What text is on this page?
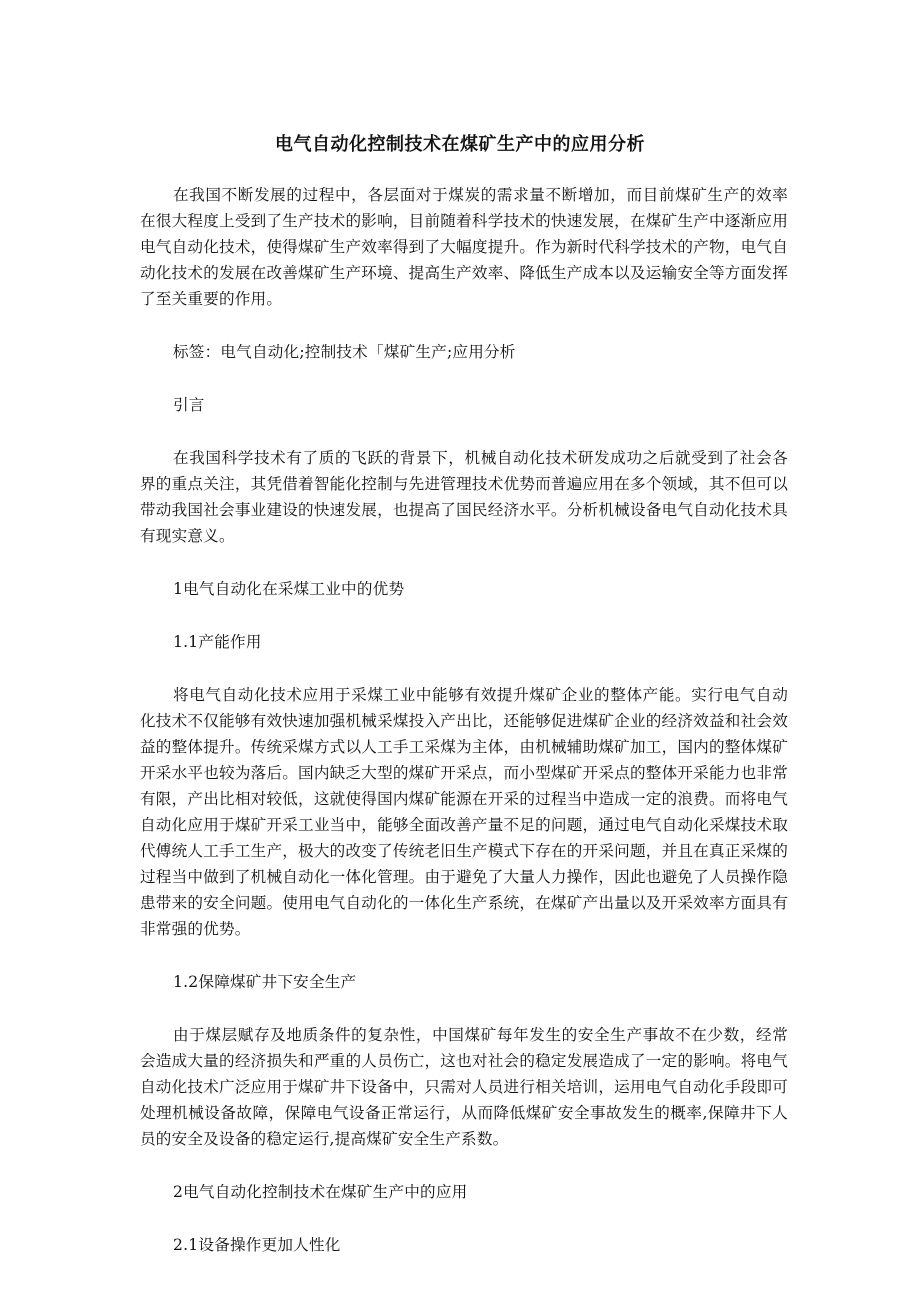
电气自动化控制技术在煤矿生产中的应用分析

在我国不断发展的过程中，各层面对于煤炭的需求量不断增加，而目前煤矿生产的效率在很大程度上受到了生产技术的影响，目前随着科学技术的快速发展，在煤矿生产中逐渐应用电气自动化技术，使得煤矿生产效率得到了大幅度提升。作为新时代科学技术的产物，电气自动化技术的发展在改善煤矿生产环境、提高生产效率、降低生产成本以及运输安全等方面发挥了至关重要的作用。

标签：电气自动化;控制技术「煤矿生产;应用分析

引言

在我国科学技术有了质的飞跃的背景下，机械自动化技术研发成功之后就受到了社会各界的重点关注，其凭借着智能化控制与先进管理技术优势而普遍应用在多个领域，其不但可以带动我国社会事业建设的快速发展，也提高了国民经济水平。分析机械设备电气自动化技术具有现实意义。

1电气自动化在采煤工业中的优势

1.1产能作用

将电气自动化技术应用于采煤工业中能够有效提升煤矿企业的整体产能。实行电气自动化技术不仅能够有效快速加强机械采煤投入产出比，还能够促进煤矿企业的经济效益和社会效益的整体提升。传统采煤方式以人工手工采煤为主体，由机械辅助煤矿加工，国内的整体煤矿开采水平也较为落后。国内缺乏大型的煤矿开采点，而小型煤矿开采点的整体开采能力也非常有限，产出比相对较低，这就使得国内煤矿能源在开采的过程当中造成一定的浪费。而将电气自动化应用于煤矿开采工业当中，能够全面改善产量不足的问题，通过电气自动化采煤技术取代傅统人工手工生产，极大的改变了传统老旧生产模式下存在的开采问题，并且在真正采煤的过程当中做到了机械自动化一体化管理。由于避免了大量人力操作，因此也避免了人员操作隐患带来的安全问题。使用电气自动化的一体化生产系统，在煤矿产出量以及开采效率方面具有非常强的优势。

1.2保障煤矿井下安全生产

由于煤层赋存及地质条件的复杂性，中国煤矿每年发生的安全生产事故不在少数，经常会造成大量的经济损失和严重的人员伤亡，这也对社会的稳定发展造成了一定的影响。将电气自动化技术广泛应用于煤矿井下设备中，只需对人员进行相关培训，运用电气自动化手段即可处理机械设备故障，保障电气设备正常运行，从而降低煤矿安全事故发生的概率,保障井下人员的安全及设备的稳定运行,提高煤矿安全生产系数。

2电气自动化控制技术在煤矿生产中的应用

2.1设备操作更加人性化
